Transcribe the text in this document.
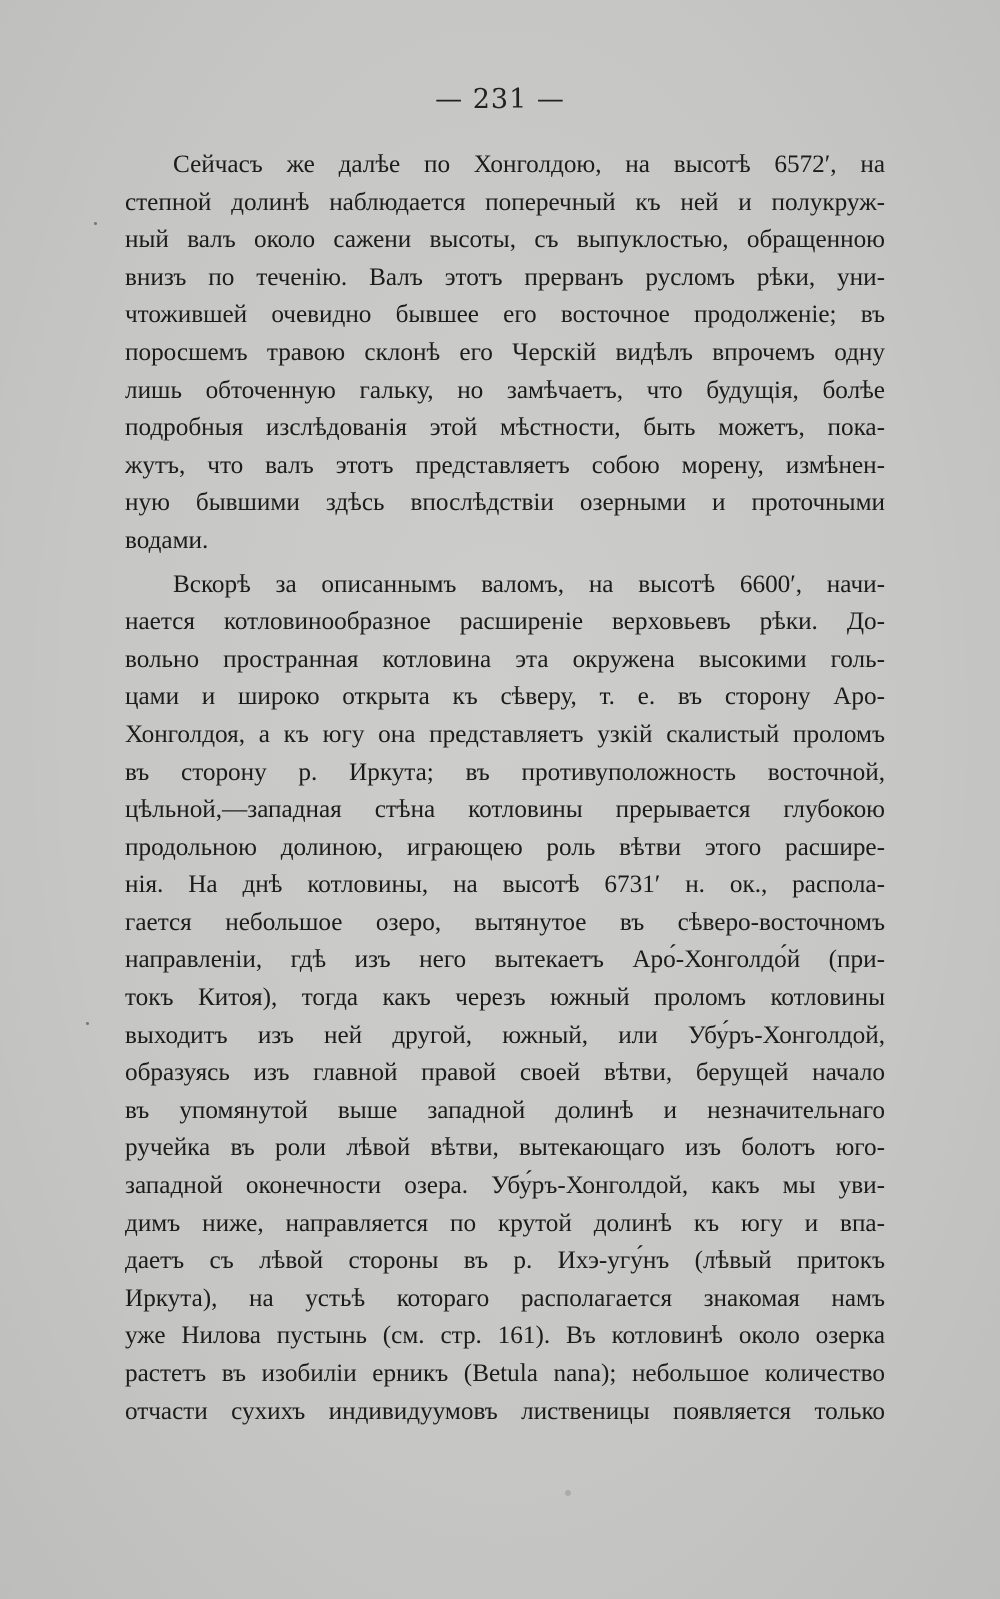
— 231 —
Сейчасъ же далѣе по Хонголдою, на высотѣ 6572′, на
степной долинѣ наблюдается поперечный къ ней и полукруж-
ный валъ около сажени высоты, съ выпуклостью, обращенною
внизъ по теченію. Валъ этотъ прерванъ русломъ рѣки, уни-
чтожившей очевидно бывшее его восточное продолженіе; въ
поросшемъ травою склонѣ его Черскій видѣлъ впрочемъ одну
лишь обточенную гальку, но замѣчаетъ, что будущія, болѣе
подробныя изслѣдованія этой мѣстности, быть можетъ, пока-
жутъ, что валъ этотъ представляетъ собою морену, измѣнен-
ную бывшими здѣсь впослѣдствіи озерными и проточными
водами.
Вскорѣ за описаннымъ валомъ, на высотѣ 6600′, начи-
нается котловинообразное расширеніе верховьевъ рѣки. До-
вольно пространная котловина эта окружена высокими голь-
цами и широко открыта къ сѣверу, т. е. въ сторону Аро-
Хонголдоя, а къ югу она представляетъ узкій скалистый проломъ
въ сторону р. Иркута; въ противуположность восточной,
цѣльной,—западная стѣна котловины прерывается глубокою
продольною долиною, играющею роль вѣтви этого расшире-
нія. На днѣ котловины, на высотѣ 6731′ н. ок., распола-
гается небольшое озеро, вытянутое въ сѣверо-восточномъ
направленіи, гдѣ изъ него вытекаетъ Аро́-Хонголдо́й (при-
токъ Китоя), тогда какъ черезъ южный проломъ котловины
выходитъ изъ ней другой, южный, или Убу́ръ-Хонголдой,
образуясь изъ главной правой своей вѣтви, берущей начало
въ упомянутой выше западной долинѣ и незначительнаго
ручейка въ роли лѣвой вѣтви, вытекающаго изъ болотъ юго-
западной оконечности озера. Убу́ръ-Хонголдой, какъ мы уви-
димъ ниже, направляется по крутой долинѣ къ югу и впа-
даетъ съ лѣвой стороны въ р. Ихэ-угу́нъ (лѣвый притокъ
Иркута), на устьѣ котораго располагается знакомая намъ
уже Нилова пустынь (см. стр. 161). Въ котловинѣ около озерка
растетъ въ изобиліи ерникъ (Betula nana); небольшое количество
отчасти сухихъ индивидуумовъ лиственицы появляется только
